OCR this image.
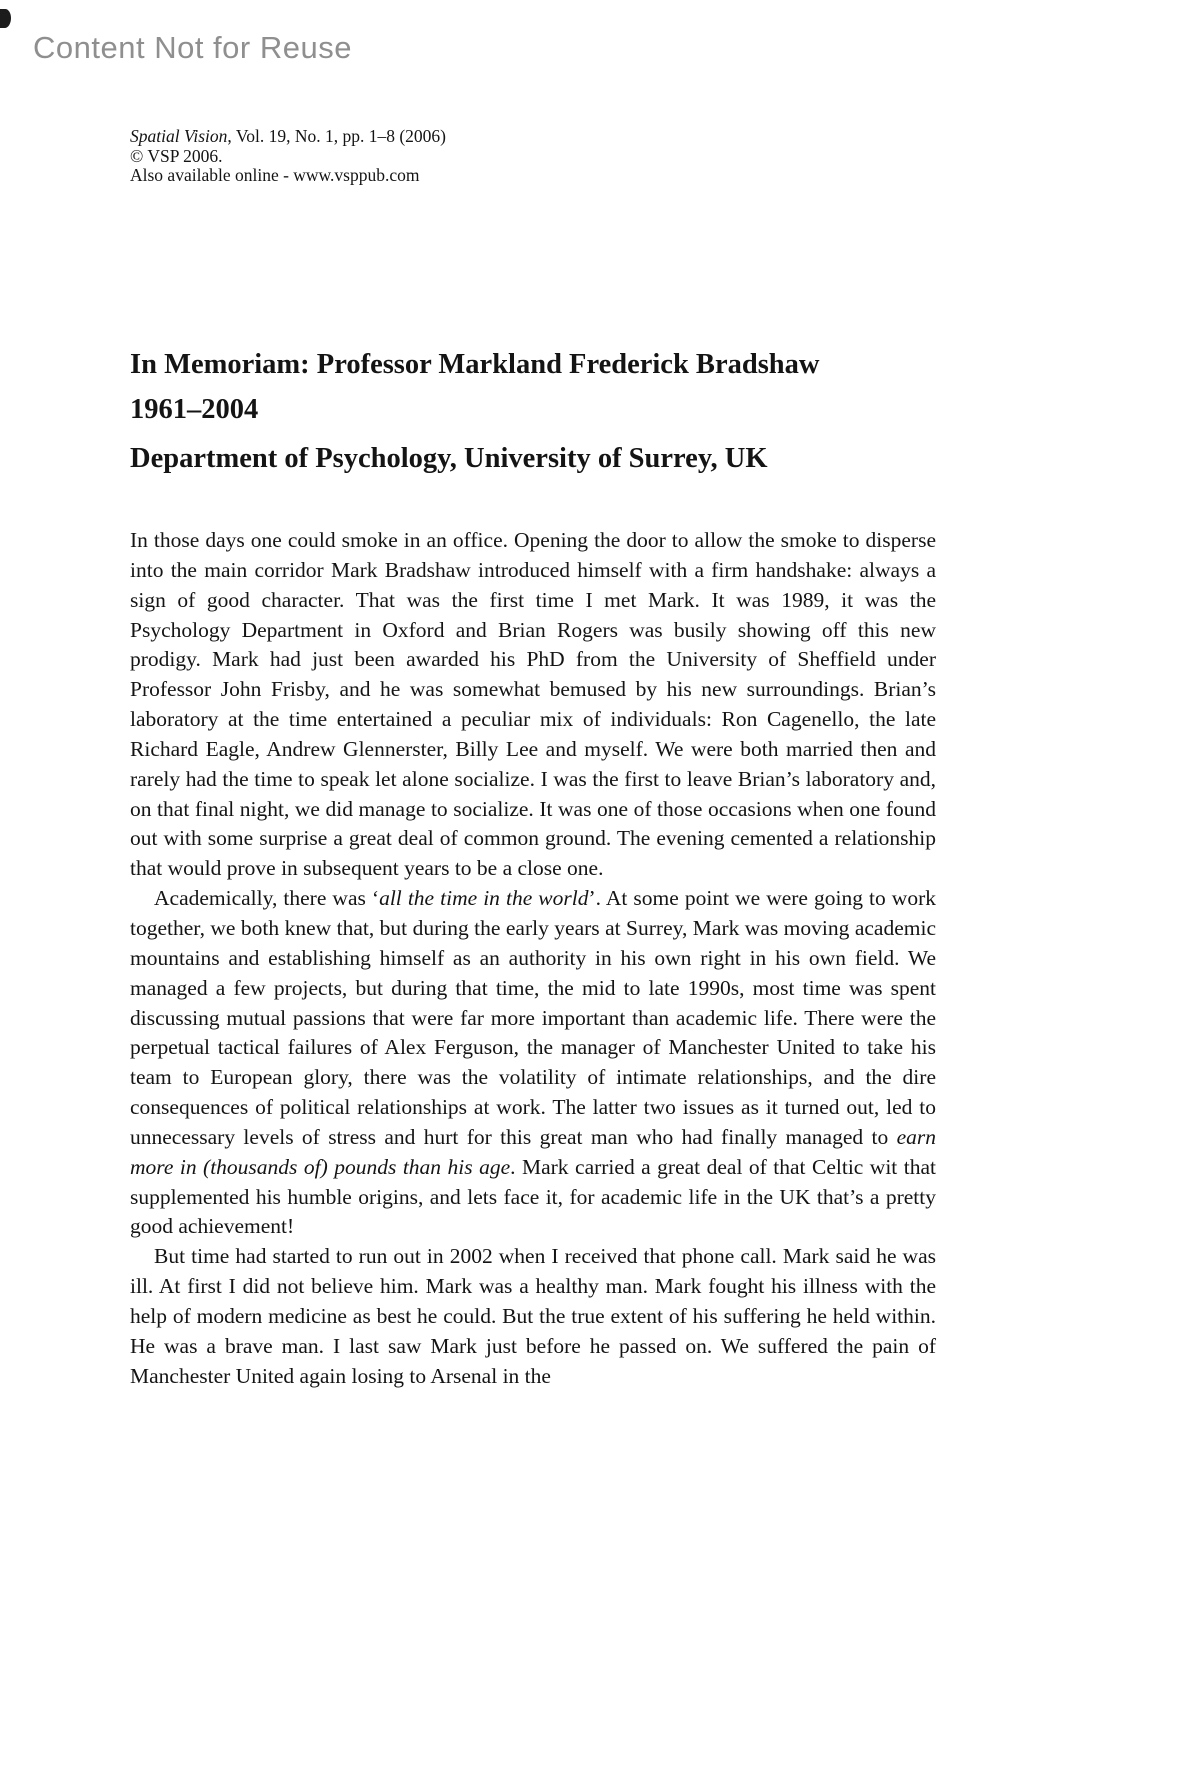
Content Not for Reuse
Spatial Vision, Vol. 19, No. 1, pp. 1–8 (2006)
© VSP 2006.
Also available online - www.vsppub.com
In Memoriam: Professor Markland Frederick Bradshaw
1961–2004
Department of Psychology, University of Surrey, UK

In those days one could smoke in an office. Opening the door to allow the smoke to disperse into the main corridor Mark Bradshaw introduced himself with a firm handshake: always a sign of good character. That was the first time I met Mark. It was 1989, it was the Psychology Department in Oxford and Brian Rogers was busily showing off this new prodigy. Mark had just been awarded his PhD from the University of Sheffield under Professor John Frisby, and he was somewhat bemused by his new surroundings. Brian’s laboratory at the time entertained a peculiar mix of individuals: Ron Cagenello, the late Richard Eagle, Andrew Glennerster, Billy Lee and myself. We were both married then and rarely had the time to speak let alone socialize. I was the first to leave Brian’s laboratory and, on that final night, we did manage to socialize. It was one of those occasions when one found out with some surprise a great deal of common ground. The evening cemented a relationship that would prove in subsequent years to be a close one.

Academically, there was ‘all the time in the world’. At some point we were going to work together, we both knew that, but during the early years at Surrey, Mark was moving academic mountains and establishing himself as an authority in his own right in his own field. We managed a few projects, but during that time, the mid to late 1990s, most time was spent discussing mutual passions that were far more important than academic life. There were the perpetual tactical failures of Alex Ferguson, the manager of Manchester United to take his team to European glory, there was the volatility of intimate relationships, and the dire consequences of political relationships at work. The latter two issues as it turned out, led to unnecessary levels of stress and hurt for this great man who had finally managed to earn more in (thousands of) pounds than his age. Mark carried a great deal of that Celtic wit that supplemented his humble origins, and lets face it, for academic life in the UK that’s a pretty good achievement!

But time had started to run out in 2002 when I received that phone call. Mark said he was ill. At first I did not believe him. Mark was a healthy man. Mark fought his illness with the help of modern medicine as best he could. But the true extent of his suffering he held within. He was a brave man. I last saw Mark just before he passed on. We suffered the pain of Manchester United again losing to Arsenal in the
